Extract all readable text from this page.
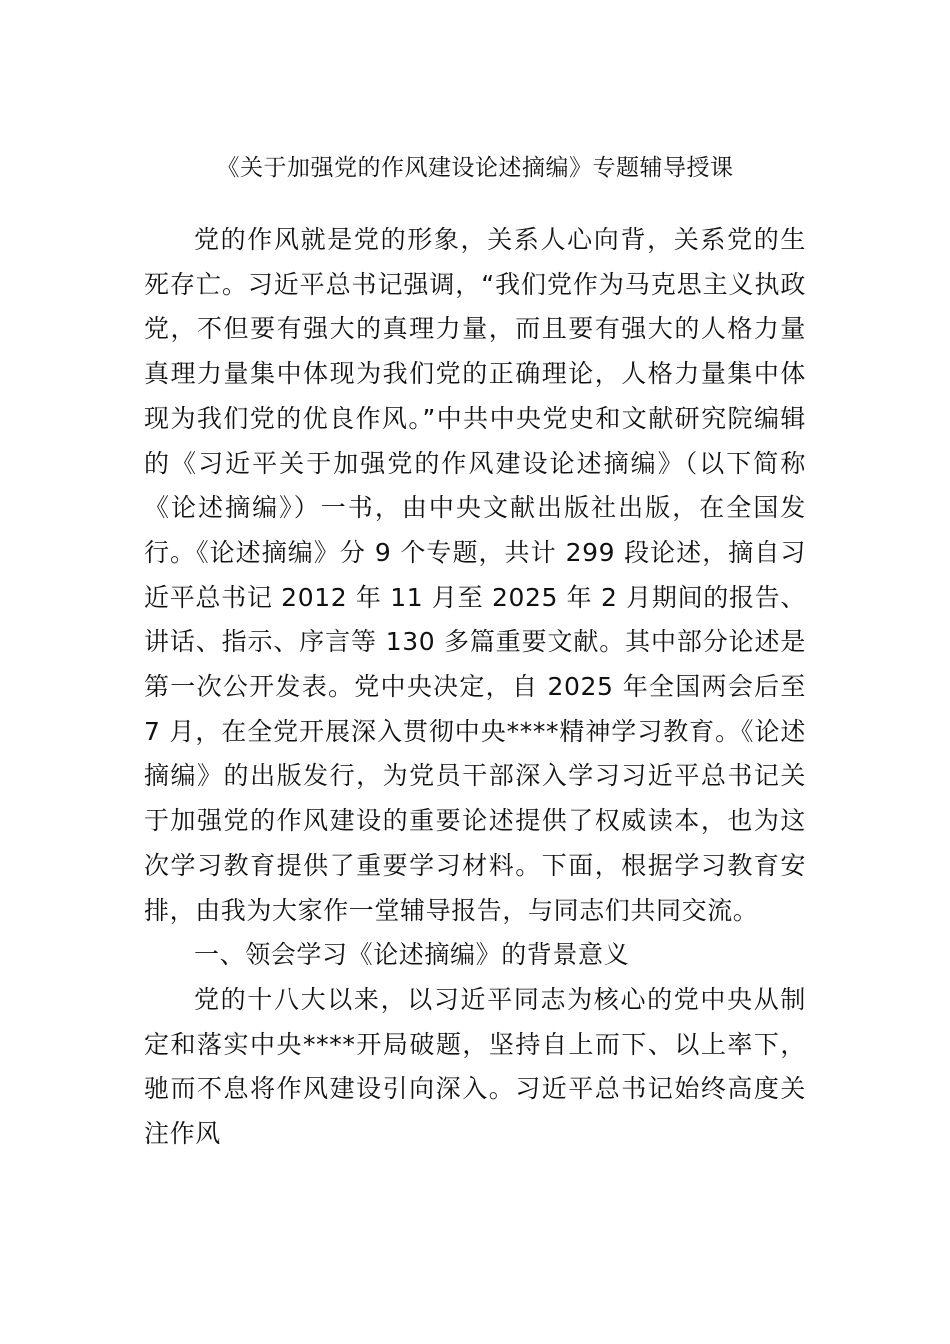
《关于加强党的作风建设论述摘编》专题辅导授课

党的作风就是党的形象，关系人心向背，关系党的生死存亡。习近平总书记强调，“我们党作为马克思主义执政党，不但要有强大的真理力量，而且要有强大的人格力量真理力量集中体现为我们党的正确理论，人格力量集中体现为我们党的优良作风。”中共中央党史和文献研究院编辑的《习近平关于加强党的作风建设论述摘编》（以下简称《论述摘编》）一书，由中央文献出版社出版，在全国发行。《论述摘编》分 9 个专题，共计 299 段论述，摘自习近平总书记 2012 年 11 月至 2025 年 2 月期间的报告、讲话、指示、序言等 130 多篇重要文献。其中部分论述是第一次公开发表。党中央决定，自 2025 年全国两会后至 7 月，在全党开展深入贯彻中央****精神学习教育。《论述摘编》的出版发行，为党员干部深入学习习近平总书记关于加强党的作风建设的重要论述提供了权威读本，也为这次学习教育提供了重要学习材料。下面，根据学习教育安排，由我为大家作一堂辅导报告，与同志们共同交流。

一、领会学习《论述摘编》的背景意义

党的十八大以来，以习近平同志为核心的党中央从制定和落实中央****开局破题，坚持自上而下、以上率下，驰而不息将作风建设引向深入。习近平总书记始终高度关注作风
